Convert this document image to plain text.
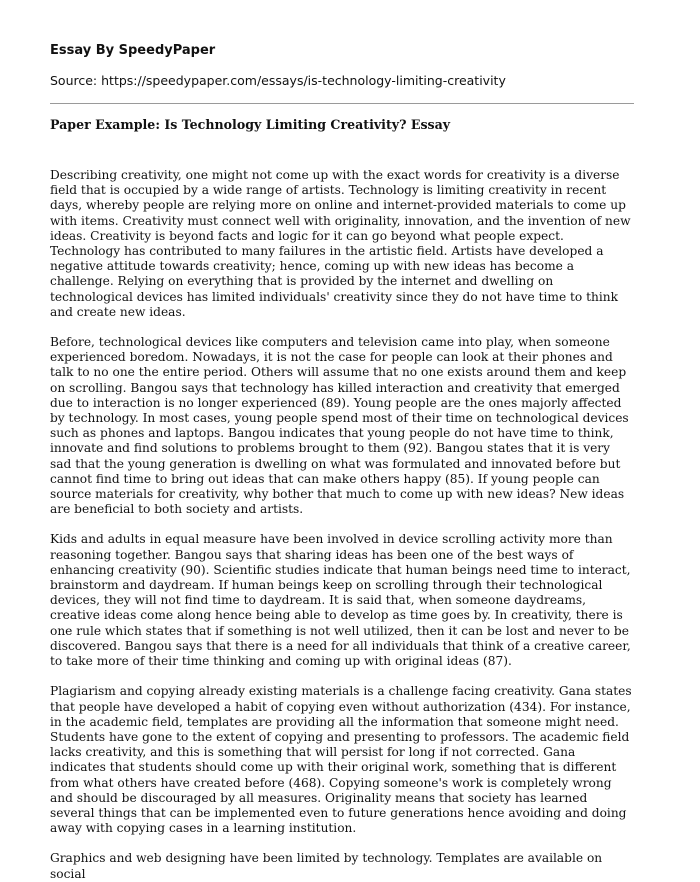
Essay By SpeedyPaper

Source: https://speedypaper.com/essays/is-technology-limiting-creativity

Paper Example: Is Technology Limiting Creativity? Essay

Describing creativity, one might not come up with the exact words for creativity is a diverse field that is occupied by a wide range of artists. Technology is limiting creativity in recent days, whereby people are relying more on online and internet-provided materials to come up with items. Creativity must connect well with originality, innovation, and the invention of new ideas. Creativity is beyond facts and logic for it can go beyond what people expect. Technology has contributed to many failures in the artistic field. Artists have developed a negative attitude towards creativity; hence, coming up with new ideas has become a challenge. Relying on everything that is provided by the internet and dwelling on technological devices has limited individuals' creativity since they do not have time to think and create new ideas.

Before, technological devices like computers and television came into play, when someone experienced boredom. Nowadays, it is not the case for people can look at their phones and talk to no one the entire period. Others will assume that no one exists around them and keep on scrolling. Bangou says that technology has killed interaction and creativity that emerged due to interaction is no longer experienced (89). Young people are the ones majorly affected by technology. In most cases, young people spend most of their time on technological devices such as phones and laptops. Bangou indicates that young people do not have time to think, innovate and find solutions to problems brought to them (92). Bangou states that it is very sad that the young generation is dwelling on what was formulated and innovated before but cannot find time to bring out ideas that can make others happy (85). If young people can source materials for creativity, why bother that much to come up with new ideas? New ideas are beneficial to both society and artists.

Kids and adults in equal measure have been involved in device scrolling activity more than reasoning together. Bangou says that sharing ideas has been one of the best ways of enhancing creativity (90). Scientific studies indicate that human beings need time to interact, brainstorm and daydream. If human beings keep on scrolling through their technological devices, they will not find time to daydream. It is said that, when someone daydreams, creative ideas come along hence being able to develop as time goes by. In creativity, there is one rule which states that if something is not well utilized, then it can be lost and never to be discovered. Bangou says that there is a need for all individuals that think of a creative career, to take more of their time thinking and coming up with original ideas (87).

Plagiarism and copying already existing materials is a challenge facing creativity. Gana states that people have developed a habit of copying even without authorization (434). For instance, in the academic field, templates are providing all the information that someone might need. Students have gone to the extent of copying and presenting to professors. The academic field lacks creativity, and this is something that will persist for long if not corrected. Gana indicates that students should come up with their original work, something that is different from what others have created before (468). Copying someone's work is completely wrong and should be discouraged by all measures. Originality means that society has learned several things that can be implemented even to future generations hence avoiding and doing away with copying cases in a learning institution.

Graphics and web designing have been limited by technology. Templates are available on social
